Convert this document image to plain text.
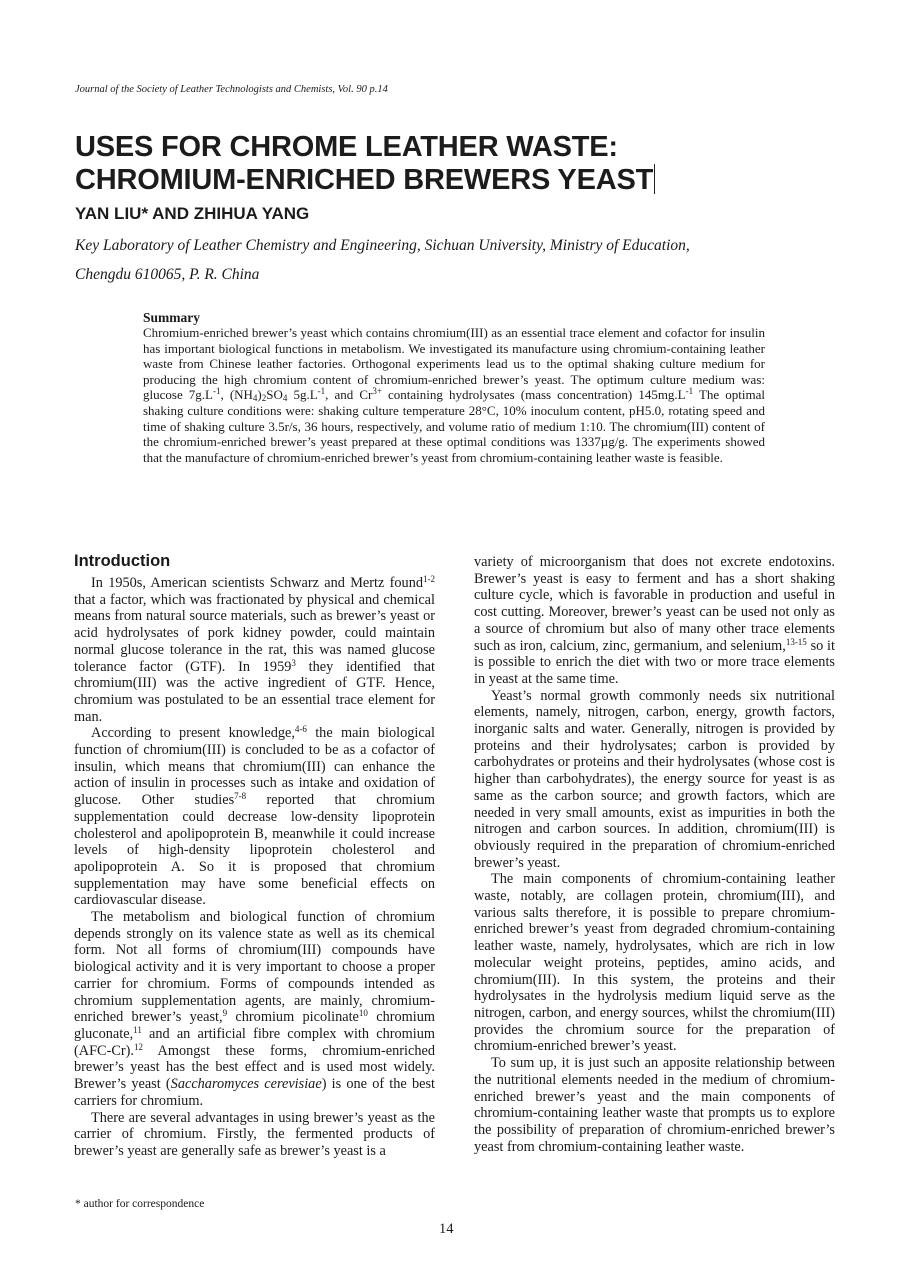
Journal of the Society of Leather Technologists and Chemists, Vol. 90 p.14
USES FOR CHROME LEATHER WASTE:
CHROMIUM-ENRICHED BREWERS YEAST
YAN LIU* AND ZHIHUA YANG
Key Laboratory of Leather Chemistry and Engineering, Sichuan University, Ministry of Education,
Chengdu 610065, P. R. China
Summary

Chromium-enriched brewer’s yeast which contains chromium(III) as an essential trace element and cofactor for insulin has important biological functions in metabolism. We investigated its manufacture using chromium-containing leather waste from Chinese leather factories. Orthogonal experiments lead us to the optimal shaking culture medium for producing the high chromium content of chromium-enriched brewer’s yeast. The optimum culture medium was: glucose $7g.L^{-1}$, $(NH_4)_2SO_4$ $5g.L^{-1}$, and $Cr^{3+}$ containing hydrolysates (mass concentration) $145mg.L^{-1}$ The optimal shaking culture conditions were: shaking culture temperature 28°C, 10% inoculum content, pH5.0, rotating speed and time of shaking culture 3.5r/s, 36 hours, respectively, and volume ratio of medium 1:10. The chromium(III) content of the chromium-enriched brewer’s yeast prepared at these optimal conditions was 1337µg/g. The experiments showed that the manufacture of chromium-enriched brewer’s yeast from chromium-containing leather waste is feasible.

Introduction

In 1950s, American scientists Schwarz and Mertz found$^{1-2}$ that a factor, which was fractionated by physical and chemical means from natural source materials, such as brewer’s yeast or acid hydrolysates of pork kidney powder, could maintain normal glucose tolerance in the rat, this was named glucose tolerance factor (GTF). In 1959$^3$ they identified that chromium(III) was the active ingredient of GTF. Hence, chromium was postulated to be an essential trace element for man.

According to present knowledge,$^{4-6}$ the main biological function of chromium(III) is concluded to be as a cofactor of insulin, which means that chromium(III) can enhance the action of insulin in processes such as intake and oxidation of glucose. Other studies$^{7-8}$ reported that chromium supplementation could decrease low-density lipoprotein cholesterol and apolipoprotein B, meanwhile it could increase levels of high-density lipoprotein cholesterol and apolipoprotein A. So it is proposed that chromium supplementation may have some beneficial effects on cardiovascular disease.

The metabolism and biological function of chromium depends strongly on its valence state as well as its chemical form. Not all forms of chromium(III) compounds have biological activity and it is very important to choose a proper carrier for chromium. Forms of compounds intended as chromium supplementation agents, are mainly, chromium-enriched brewer’s yeast,$^9$ chromium picolinate$^{10}$ chromium gluconate,$^{11}$ and an artificial fibre complex with chromium (AFC-Cr).$^{12}$ Amongst these forms, chromium-enriched brewer’s yeast has the best effect and is used most widely. Brewer’s yeast (Saccharomyces cerevisiae) is one of the best carriers for chromium.

There are several advantages in using brewer’s yeast as the carrier of chromium. Firstly, the fermented products of brewer’s yeast are generally safe as brewer’s yeast is a

variety of microorganism that does not excrete endotoxins. Brewer’s yeast is easy to ferment and has a short shaking culture cycle, which is favorable in production and useful in cost cutting. Moreover, brewer’s yeast can be used not only as a source of chromium but also of many other trace elements such as iron, calcium, zinc, germanium, and selenium,$^{13-15}$ so it is possible to enrich the diet with two or more trace elements in yeast at the same time.

Yeast’s normal growth commonly needs six nutritional elements, namely, nitrogen, carbon, energy, growth factors, inorganic salts and water. Generally, nitrogen is provided by proteins and their hydrolysates; carbon is provided by carbohydrates or proteins and their hydrolysates (whose cost is higher than carbohydrates), the energy source for yeast is as same as the carbon source; and growth factors, which are needed in very small amounts, exist as impurities in both the nitrogen and carbon sources. In addition, chromium(III) is obviously required in the preparation of chromium-enriched brewer’s yeast.

The main components of chromium-containing leather waste, notably, are collagen protein, chromium(III), and various salts therefore, it is possible to prepare chromium-enriched brewer’s yeast from degraded chromium-containing leather waste, namely, hydrolysates, which are rich in low molecular weight proteins, peptides, amino acids, and chromium(III). In this system, the proteins and their hydrolysates in the hydrolysis medium liquid serve as the nitrogen, carbon, and energy sources, whilst the chromium(III) provides the chromium source for the preparation of chromium-enriched brewer’s yeast.

To sum up, it is just such an apposite relationship between the nutritional elements needed in the medium of chromium-enriched brewer’s yeast and the main components of chromium-containing leather waste that prompts us to explore the possibility of preparation of chromium-enriched brewer’s yeast from chromium-containing leather waste.

* author for correspondence
14
